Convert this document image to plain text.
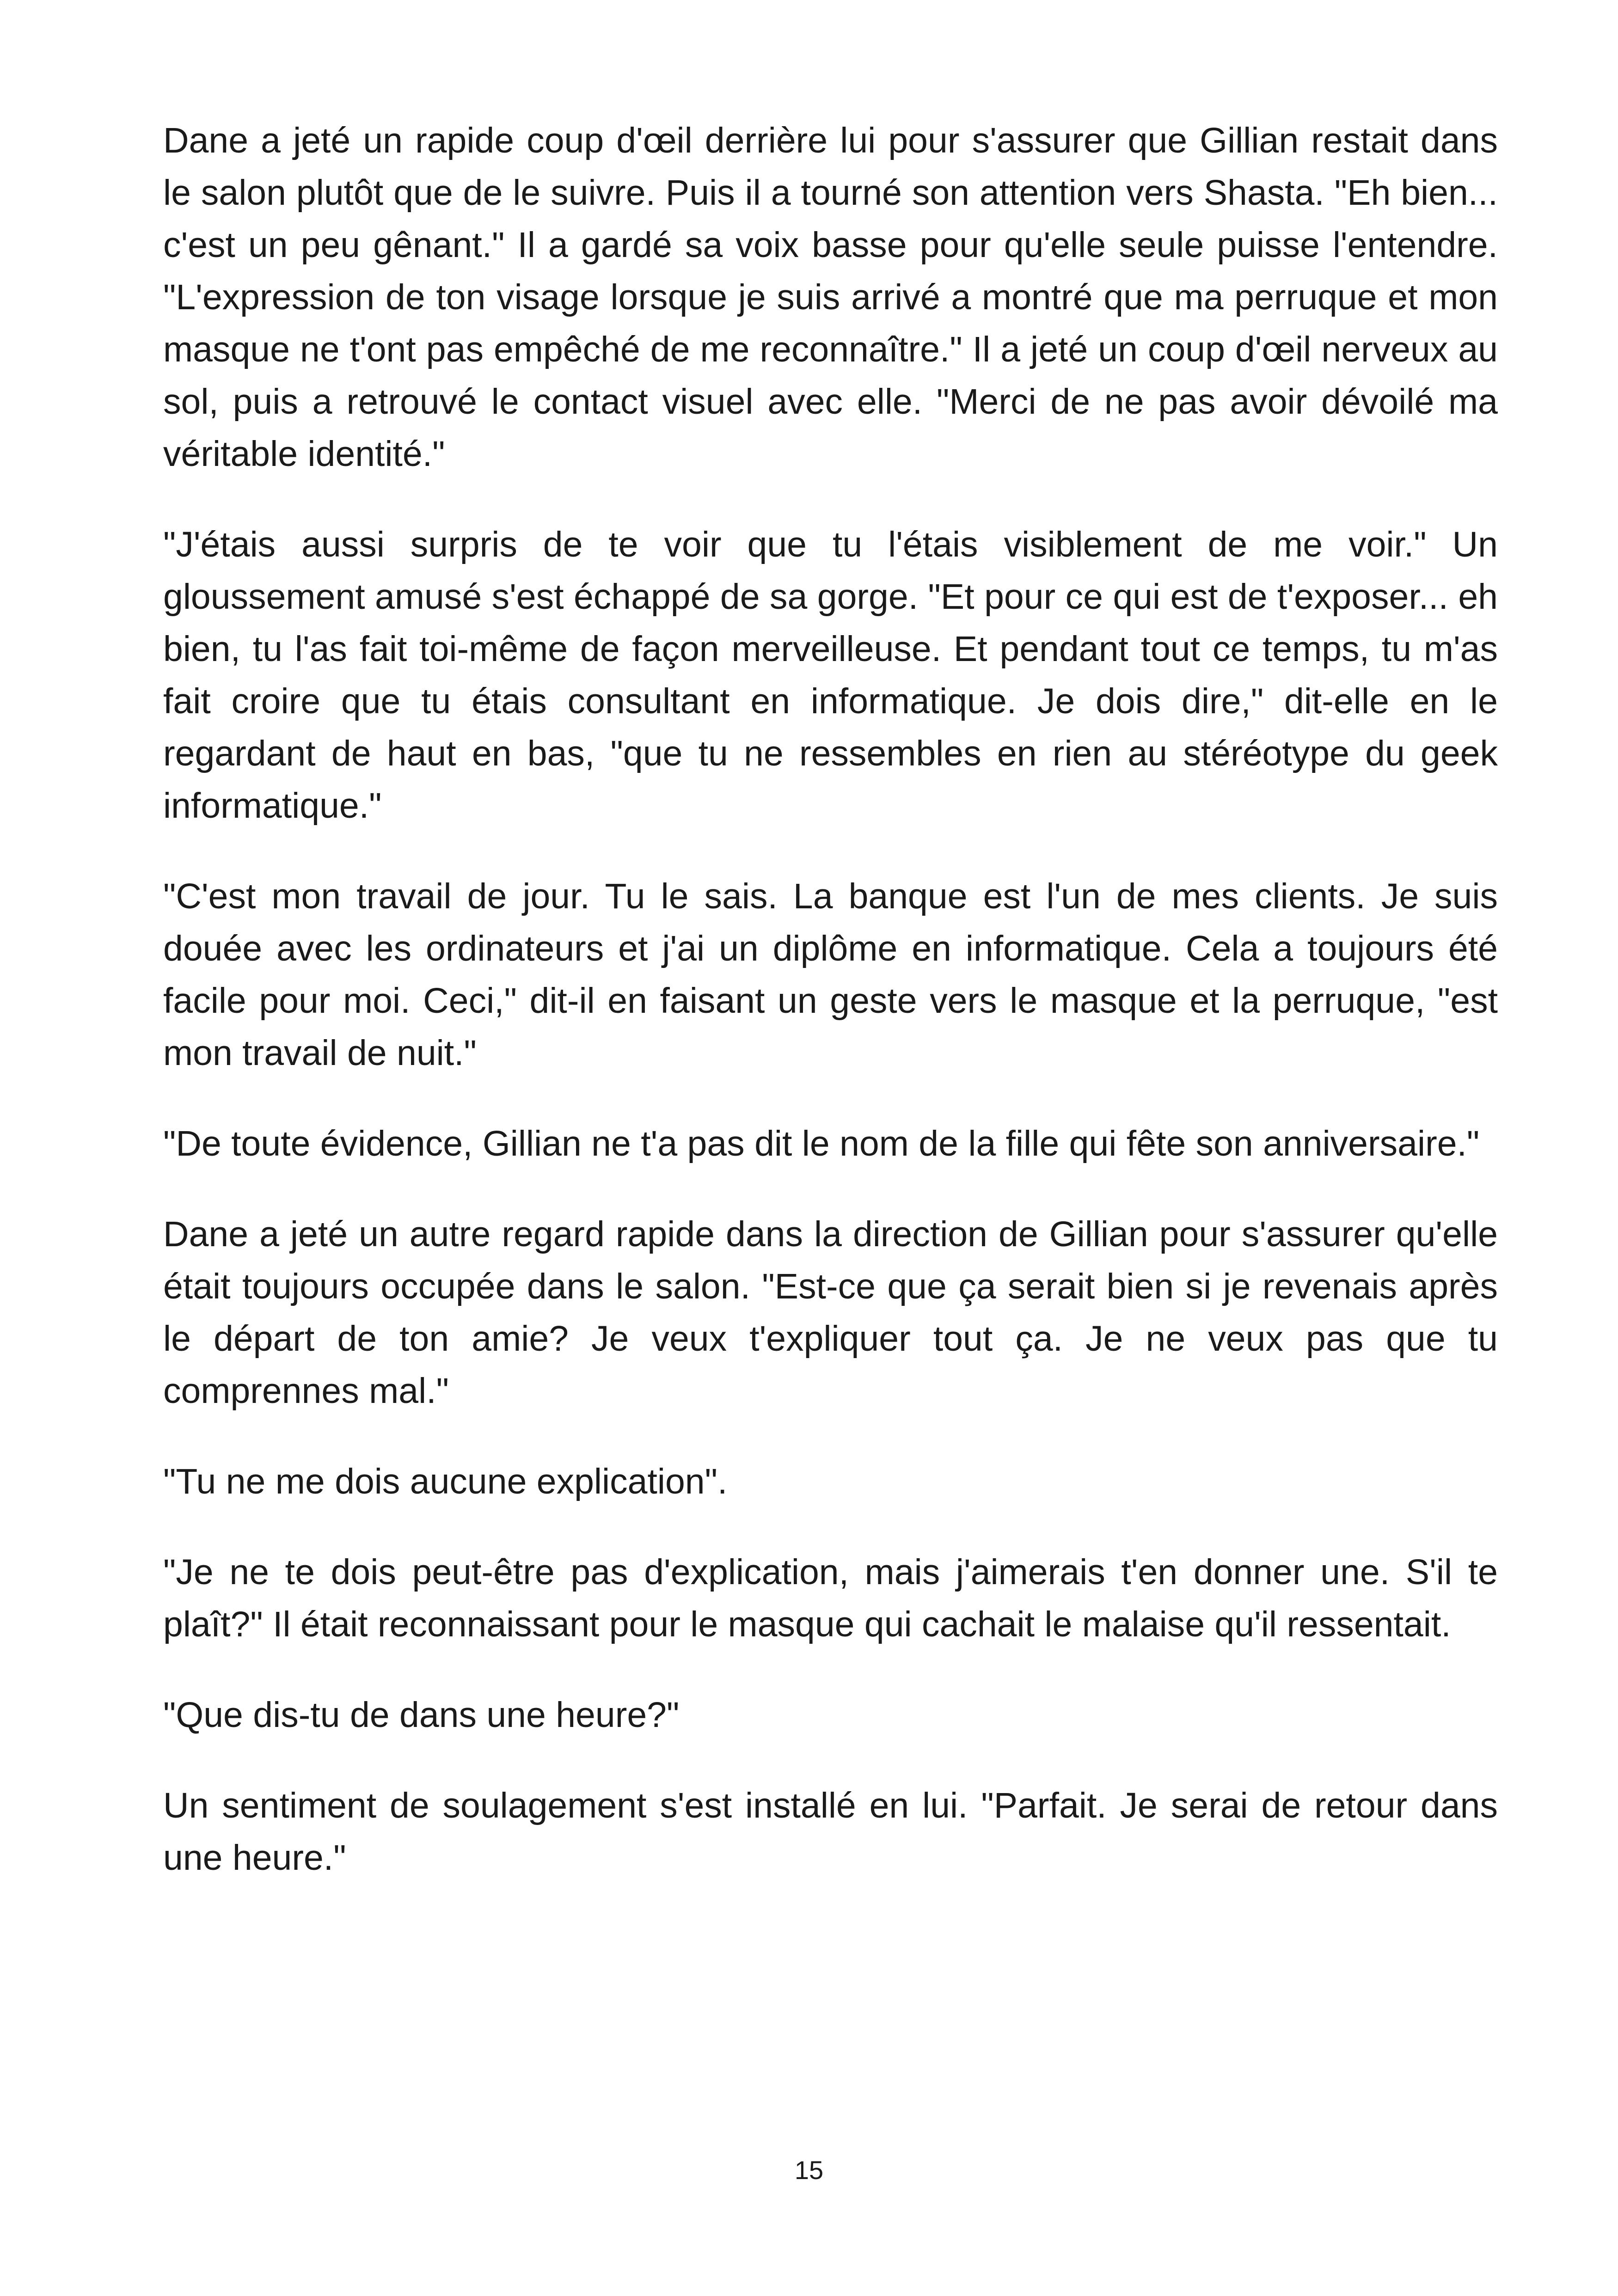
Dane a jeté un rapide coup d'œil derrière lui pour s'assurer que Gillian restait dans le salon plutôt que de le suivre. Puis il a tourné son attention vers Shasta. "Eh bien... c'est un peu gênant." Il a gardé sa voix basse pour qu'elle seule puisse l'entendre. "L'expression de ton visage lorsque je suis arrivé a montré que ma perruque et mon masque ne t'ont pas empêché de me reconnaître." Il a jeté un coup d'œil nerveux au sol, puis a retrouvé le contact visuel avec elle. "Merci de ne pas avoir dévoilé ma véritable identité."

"J'étais aussi surpris de te voir que tu l'étais visiblement de me voir." Un gloussement amusé s'est échappé de sa gorge. "Et pour ce qui est de t'exposer... eh bien, tu l'as fait toi-même de façon merveilleuse. Et pendant tout ce temps, tu m'as fait croire que tu étais consultant en informatique. Je dois dire," dit-elle en le regardant de haut en bas, "que tu ne ressembles en rien au stéréotype du geek informatique."

"C'est mon travail de jour. Tu le sais. La banque est l'un de mes clients. Je suis douée avec les ordinateurs et j'ai un diplôme en informatique. Cela a toujours été facile pour moi. Ceci," dit-il en faisant un geste vers le masque et la perruque, "est mon travail de nuit."

"De toute évidence, Gillian ne t'a pas dit le nom de la fille qui fête son anniversaire."

Dane a jeté un autre regard rapide dans la direction de Gillian pour s'assurer qu'elle était toujours occupée dans le salon. "Est-ce que ça serait bien si je revenais après le départ de ton amie? Je veux t'expliquer tout ça. Je ne veux pas que tu comprennes mal."

"Tu ne me dois aucune explication".

"Je ne te dois peut-être pas d'explication, mais j'aimerais t'en donner une. S'il te plaît?" Il était reconnaissant pour le masque qui cachait le malaise qu'il ressentait.

"Que dis-tu de dans une heure?"

Un sentiment de soulagement s'est installé en lui. "Parfait. Je serai de retour dans une heure."

15
